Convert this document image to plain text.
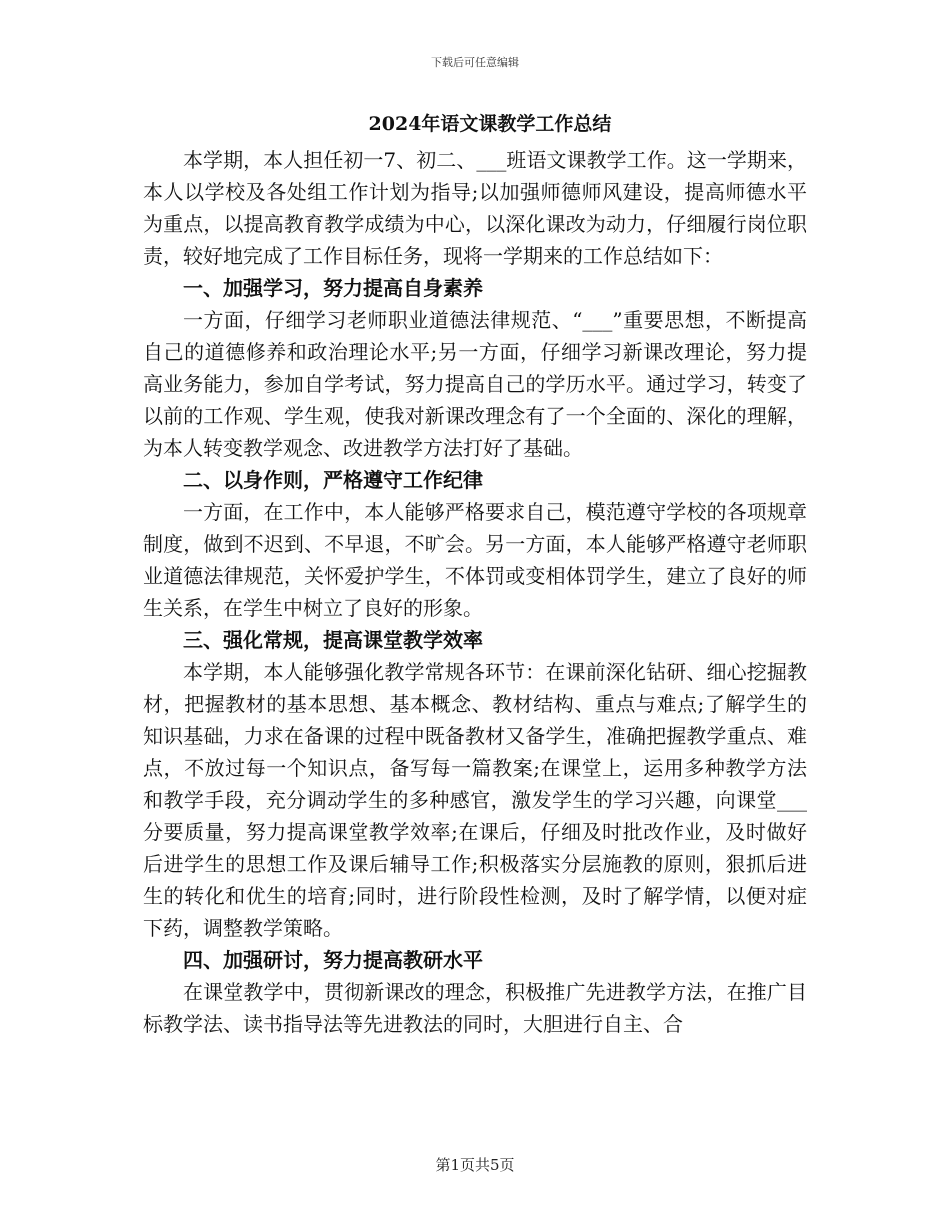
下载后可任意编辑
2024年语文课教学工作总结

本学期，本人担任初一7、初二、___班语文课教学工作。这一学期来，本人以学校及各处组工作计划为指导;以加强师德师风建设，提高师德水平为重点，以提高教育教学成绩为中心，以深化课改为动力，仔细履行岗位职责，较好地完成了工作目标任务，现将一学期来的工作总结如下：

一、加强学习，努力提高自身素养

一方面，仔细学习老师职业道德法律规范、“___”重要思想，不断提高自己的道德修养和政治理论水平;另一方面，仔细学习新课改理论，努力提高业务能力，参加自学考试，努力提高自己的学历水平。通过学习，转变了以前的工作观、学生观，使我对新课改理念有了一个全面的、深化的理解，为本人转变教学观念、改进教学方法打好了基础。

二、以身作则，严格遵守工作纪律

一方面，在工作中，本人能够严格要求自己，模范遵守学校的各项规章制度，做到不迟到、不早退，不旷会。另一方面，本人能够严格遵守老师职业道德法律规范，关怀爱护学生，不体罚或变相体罚学生，建立了良好的师生关系，在学生中树立了良好的形象。

三、强化常规，提高课堂教学效率

本学期，本人能够强化教学常规各环节：在课前深化钻研、细心挖掘教材，把握教材的基本思想、基本概念、教材结构、重点与难点;了解学生的知识基础，力求在备课的过程中既备教材又备学生，准确把握教学重点、难点，不放过每一个知识点，备写每一篇教案;在课堂上，运用多种教学方法和教学手段，充分调动学生的多种感官，激发学生的学习兴趣，向课堂___分要质量，努力提高课堂教学效率;在课后，仔细及时批改作业，及时做好后进学生的思想工作及课后辅导工作;积极落实分层施教的原则，狠抓后进生的转化和优生的培育;同时，进行阶段性检测，及时了解学情，以便对症下药，调整教学策略。

四、加强研讨，努力提高教研水平

在课堂教学中，贯彻新课改的理念，积极推广先进教学方法，在推广目标教学法、读书指导法等先进教法的同时，大胆进行自主、合

第1页共5页
